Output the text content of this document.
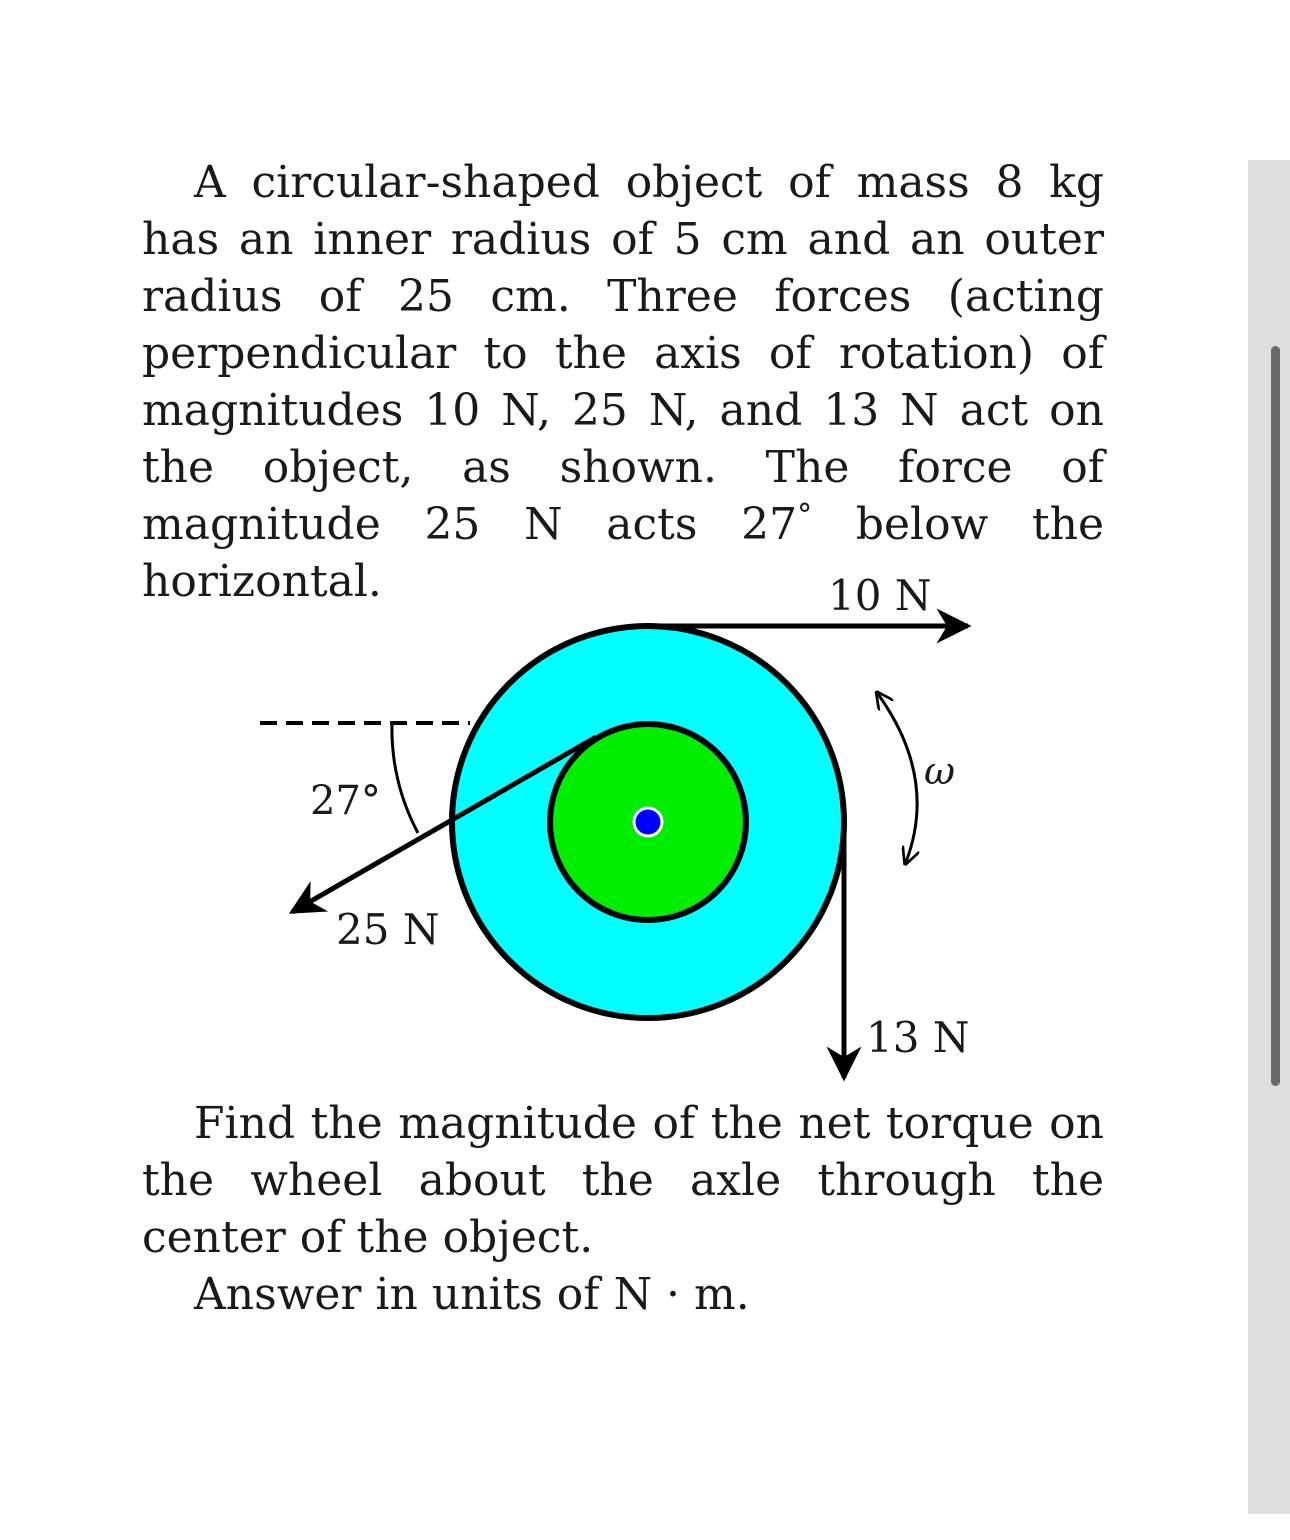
A circular-shaped object of mass 8 kg has an inner radius of 5 cm and an outer radius of 25 cm. Three forces (acting perpendicular to the axis of rotation) of magnitudes 10 N, 25 N, and 13 N act on the object, as shown. The force of magnitude 25 N acts 27° below the horizontal.	10 N
25 N
13 N
27°
ω
Find the magnitude of the net torque on the wheel about the axle through the center of the object.
Answer in units of N · m.
